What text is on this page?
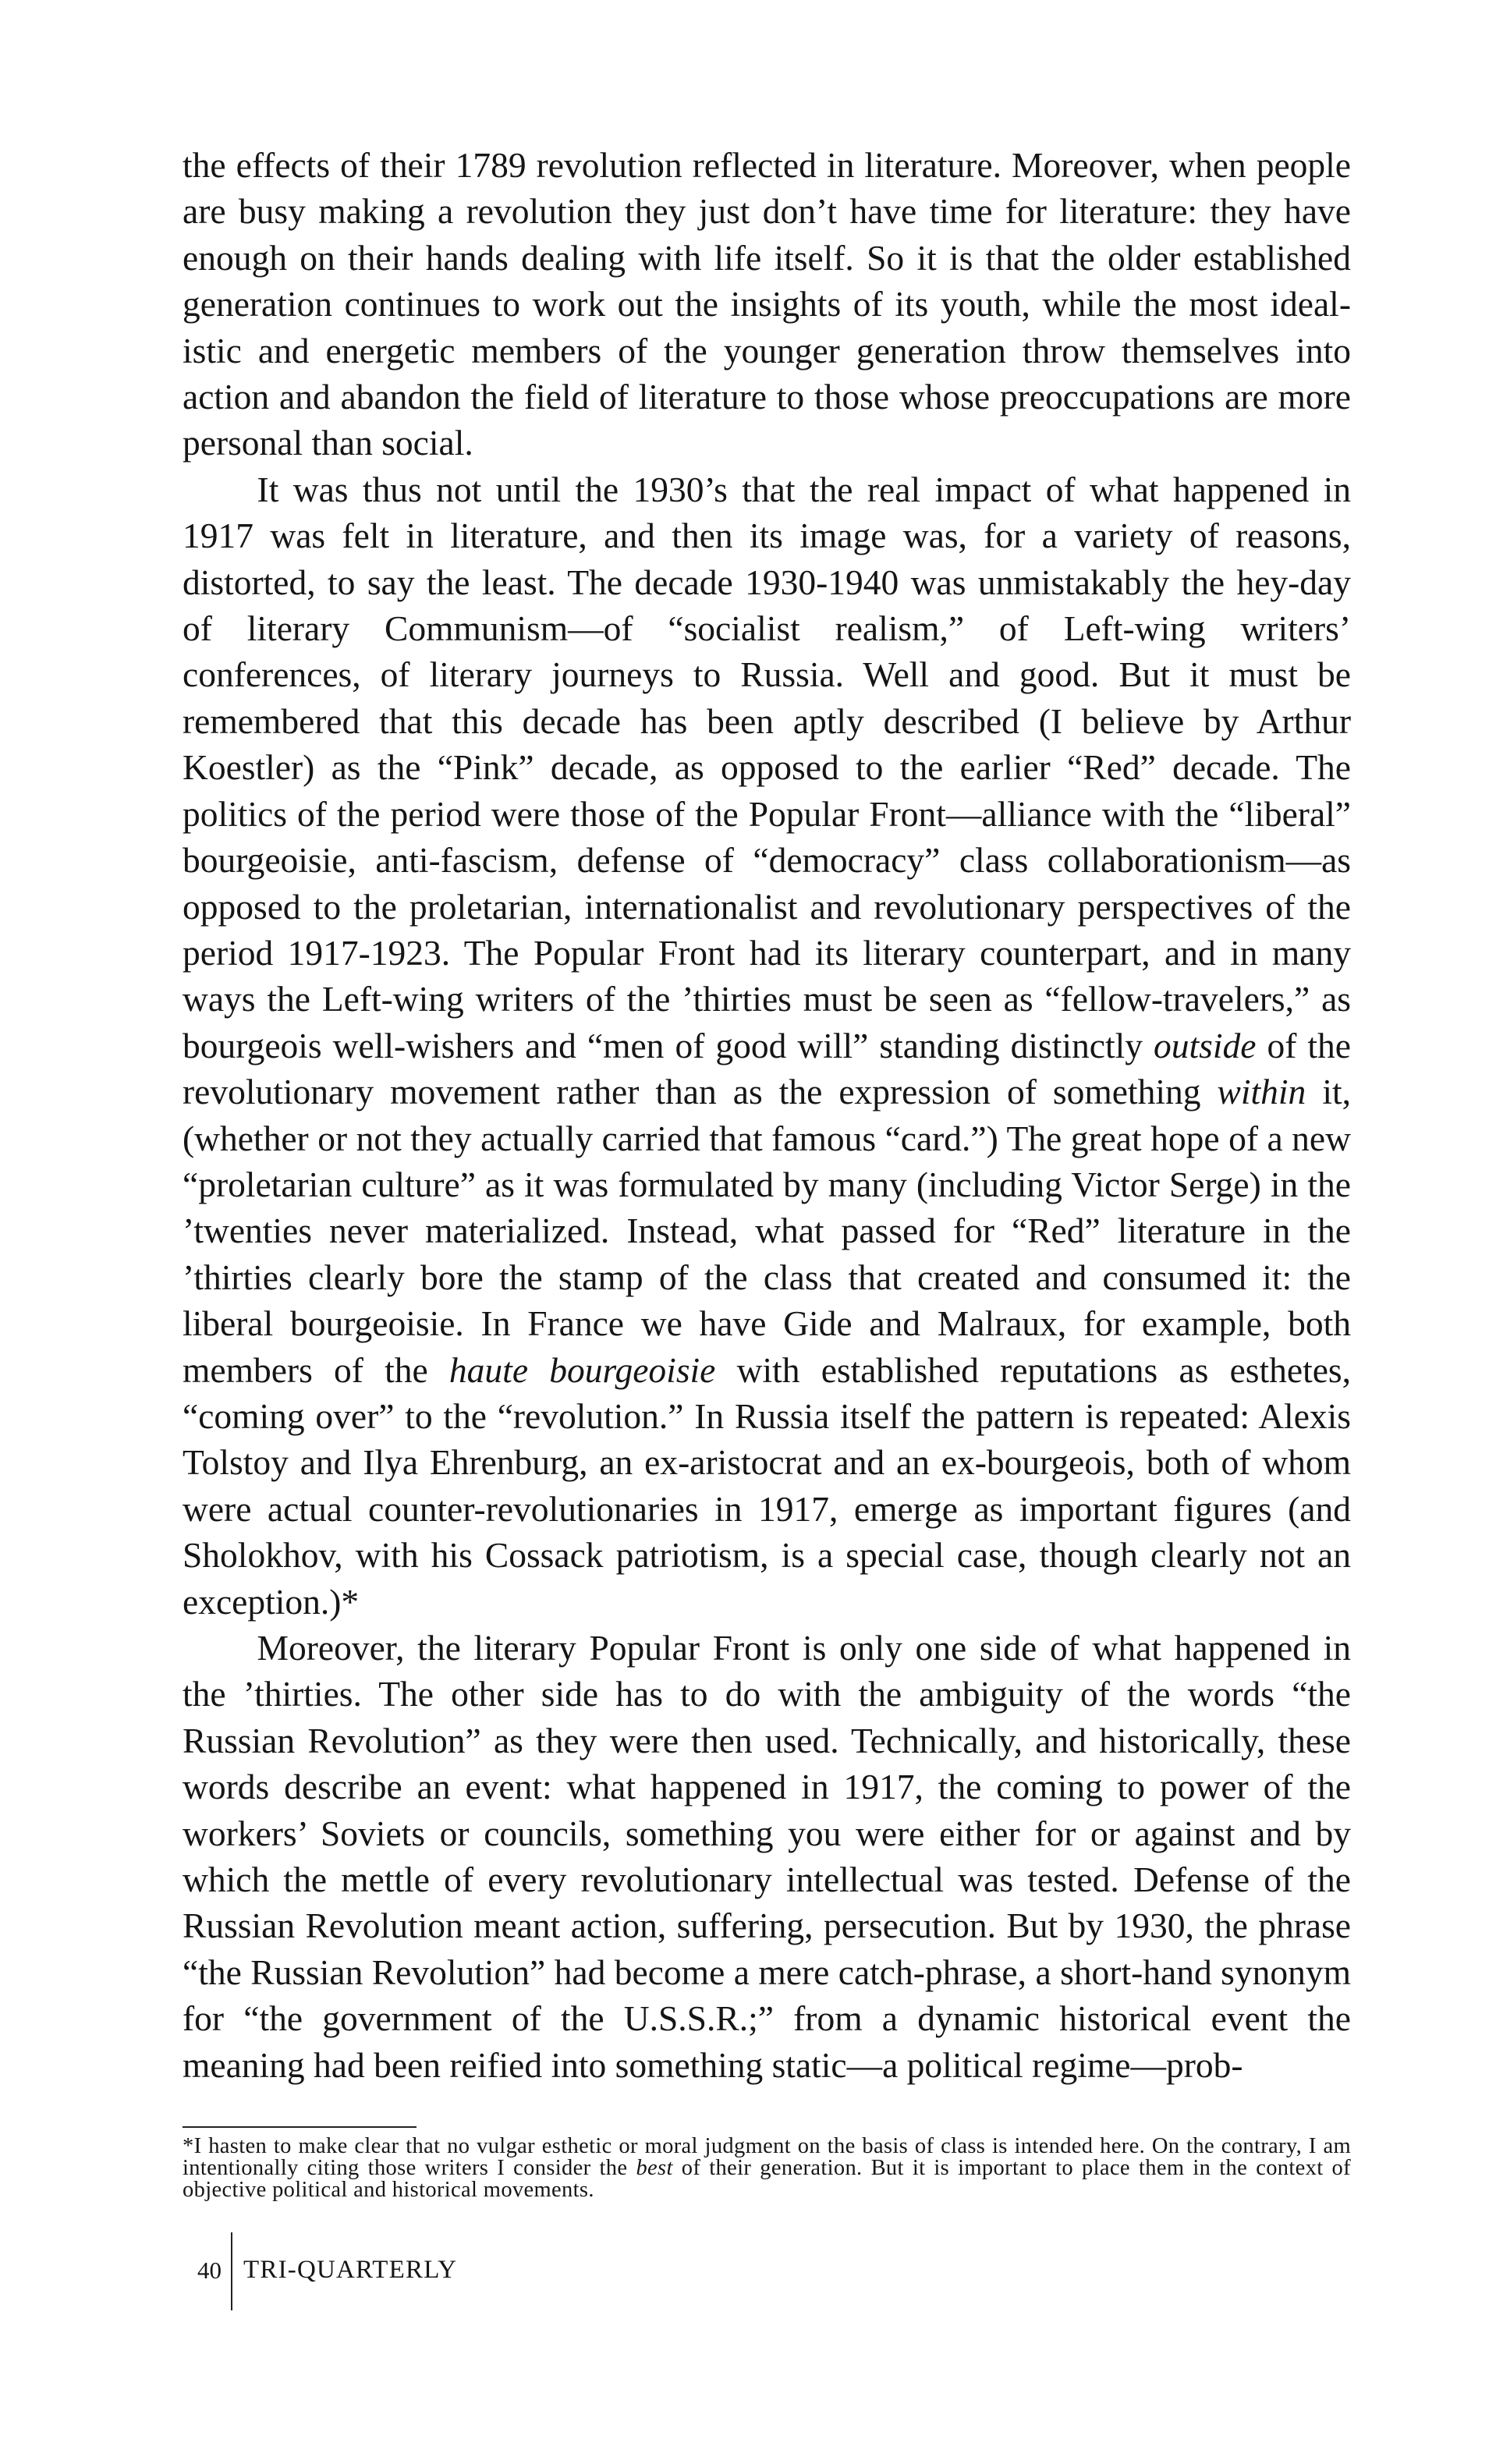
the effects of their 1789 revolution reflected in literature. Moreover, when people are busy making a revolution they just don’t have time for literature: they have enough on their hands dealing with life itself. So it is that the older established generation continues to work out the insights of its youth, while the most idealistic and energetic members of the younger generation throw themselves into action and abandon the field of literature to those whose preoccupations are more personal than social.

It was thus not until the 1930’s that the real impact of what happened in 1917 was felt in literature, and then its image was, for a variety of reasons, distorted, to say the least. The decade 1930-1940 was unmistakably the hey-day of literary Communism—of “socialist realism,” of Left-wing writers’ conferences, of literary journeys to Russia. Well and good. But it must be remembered that this decade has been aptly described (I believe by Arthur Koestler) as the “Pink” decade, as opposed to the earlier “Red” decade. The politics of the period were those of the Popular Front—alliance with the “liberal” bourgeoisie, anti-fascism, defense of “democracy” class collaborationism—as opposed to the proletarian, internationalist and revolutionary perspectives of the period 1917-1923. The Popular Front had its literary counterpart, and in many ways the Left-wing writers of the ’thirties must be seen as “fellow-travelers,” as bourgeois well-wishers and “men of good will” standing distinctly outside of the revolutionary movement rather than as the expression of something within it, (whether or not they actually carried that famous “card.”) The great hope of a new “proletarian culture” as it was formulated by many (including Victor Serge) in the ’twenties never materialized. Instead, what passed for “Red” literature in the ’thirties clearly bore the stamp of the class that created and consumed it: the liberal bourgeoisie. In France we have Gide and Malraux, for example, both members of the haute bourgeoisie with established reputations as esthetes, “coming over” to the “revolution.” In Russia itself the pattern is repeated: Alexis Tolstoy and Ilya Ehrenburg, an ex-aristocrat and an ex-bourgeois, both of whom were actual counter-revolutionaries in 1917, emerge as important figures (and Sholokhov, with his Cossack patriotism, is a special case, though clearly not an exception.)*

Moreover, the literary Popular Front is only one side of what happened in the ’thirties. The other side has to do with the ambiguity of the words “the Russian Revolution” as they were then used. Technically, and historically, these words describe an event: what happened in 1917, the coming to power of the workers’ Soviets or councils, something you were either for or against and by which the mettle of every revolutionary intellectual was tested. Defense of the Russian Revolution meant action, suffering, persecution. But by 1930, the phrase “the Russian Revolution” had become a mere catch-phrase, a short-hand synonym for “the government of the U.S.S.R.;” from a dynamic historical event the meaning had been reified into something static—a political regime—prob-

*I hasten to make clear that no vulgar esthetic or moral judgment on the basis of class is intended here. On the contrary, I am intentionally citing those writers I consider the best of their generation. But it is important to place them in the context of objective political and historical movements.

40 TRI-QUARTERLY
